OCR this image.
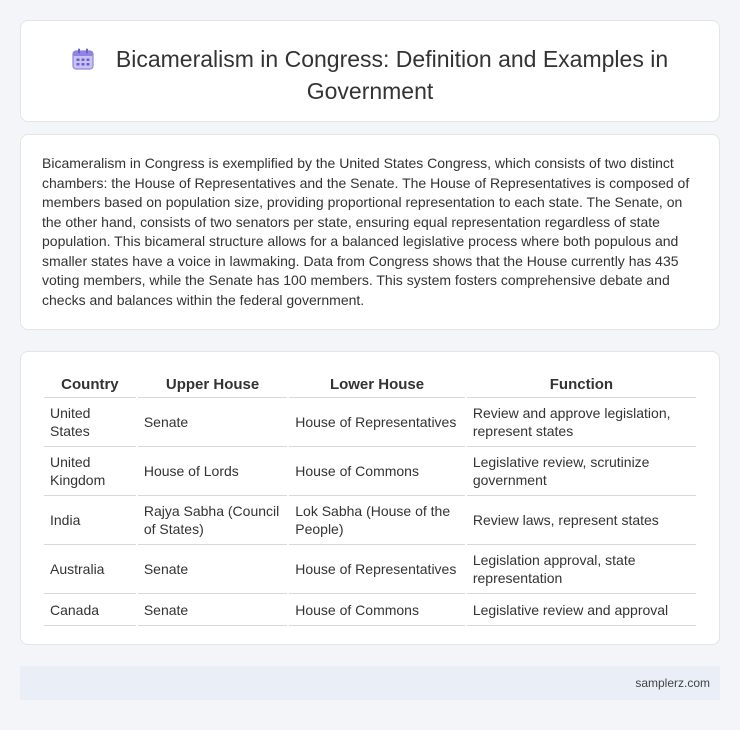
Bicameralism in Congress: Definition and Examples in Government

Bicameralism in Congress is exemplified by the United States Congress, which consists of two distinct chambers: the House of Representatives and the Senate. The House of Representatives is composed of members based on population size, providing proportional representation to each state. The Senate, on the other hand, consists of two senators per state, ensuring equal representation regardless of state population. This bicameral structure allows for a balanced legislative process where both populous and smaller states have a voice in lawmaking. Data from Congress shows that the House currently has 435 voting members, while the Senate has 100 members. This system fosters comprehensive debate and checks and balances within the federal government.

Country	Upper House	Lower House	Function
United States	Senate	House of Representatives	Review and approve legislation, represent states
United Kingdom	House of Lords	House of Commons	Legislative review, scrutinize government
India	Rajya Sabha (Council of States)	Lok Sabha (House of the People)	Review laws, represent states
Australia	Senate	House of Representatives	Legislation approval, state representation
Canada	Senate	House of Commons	Legislative review and approval
samplerz.com
